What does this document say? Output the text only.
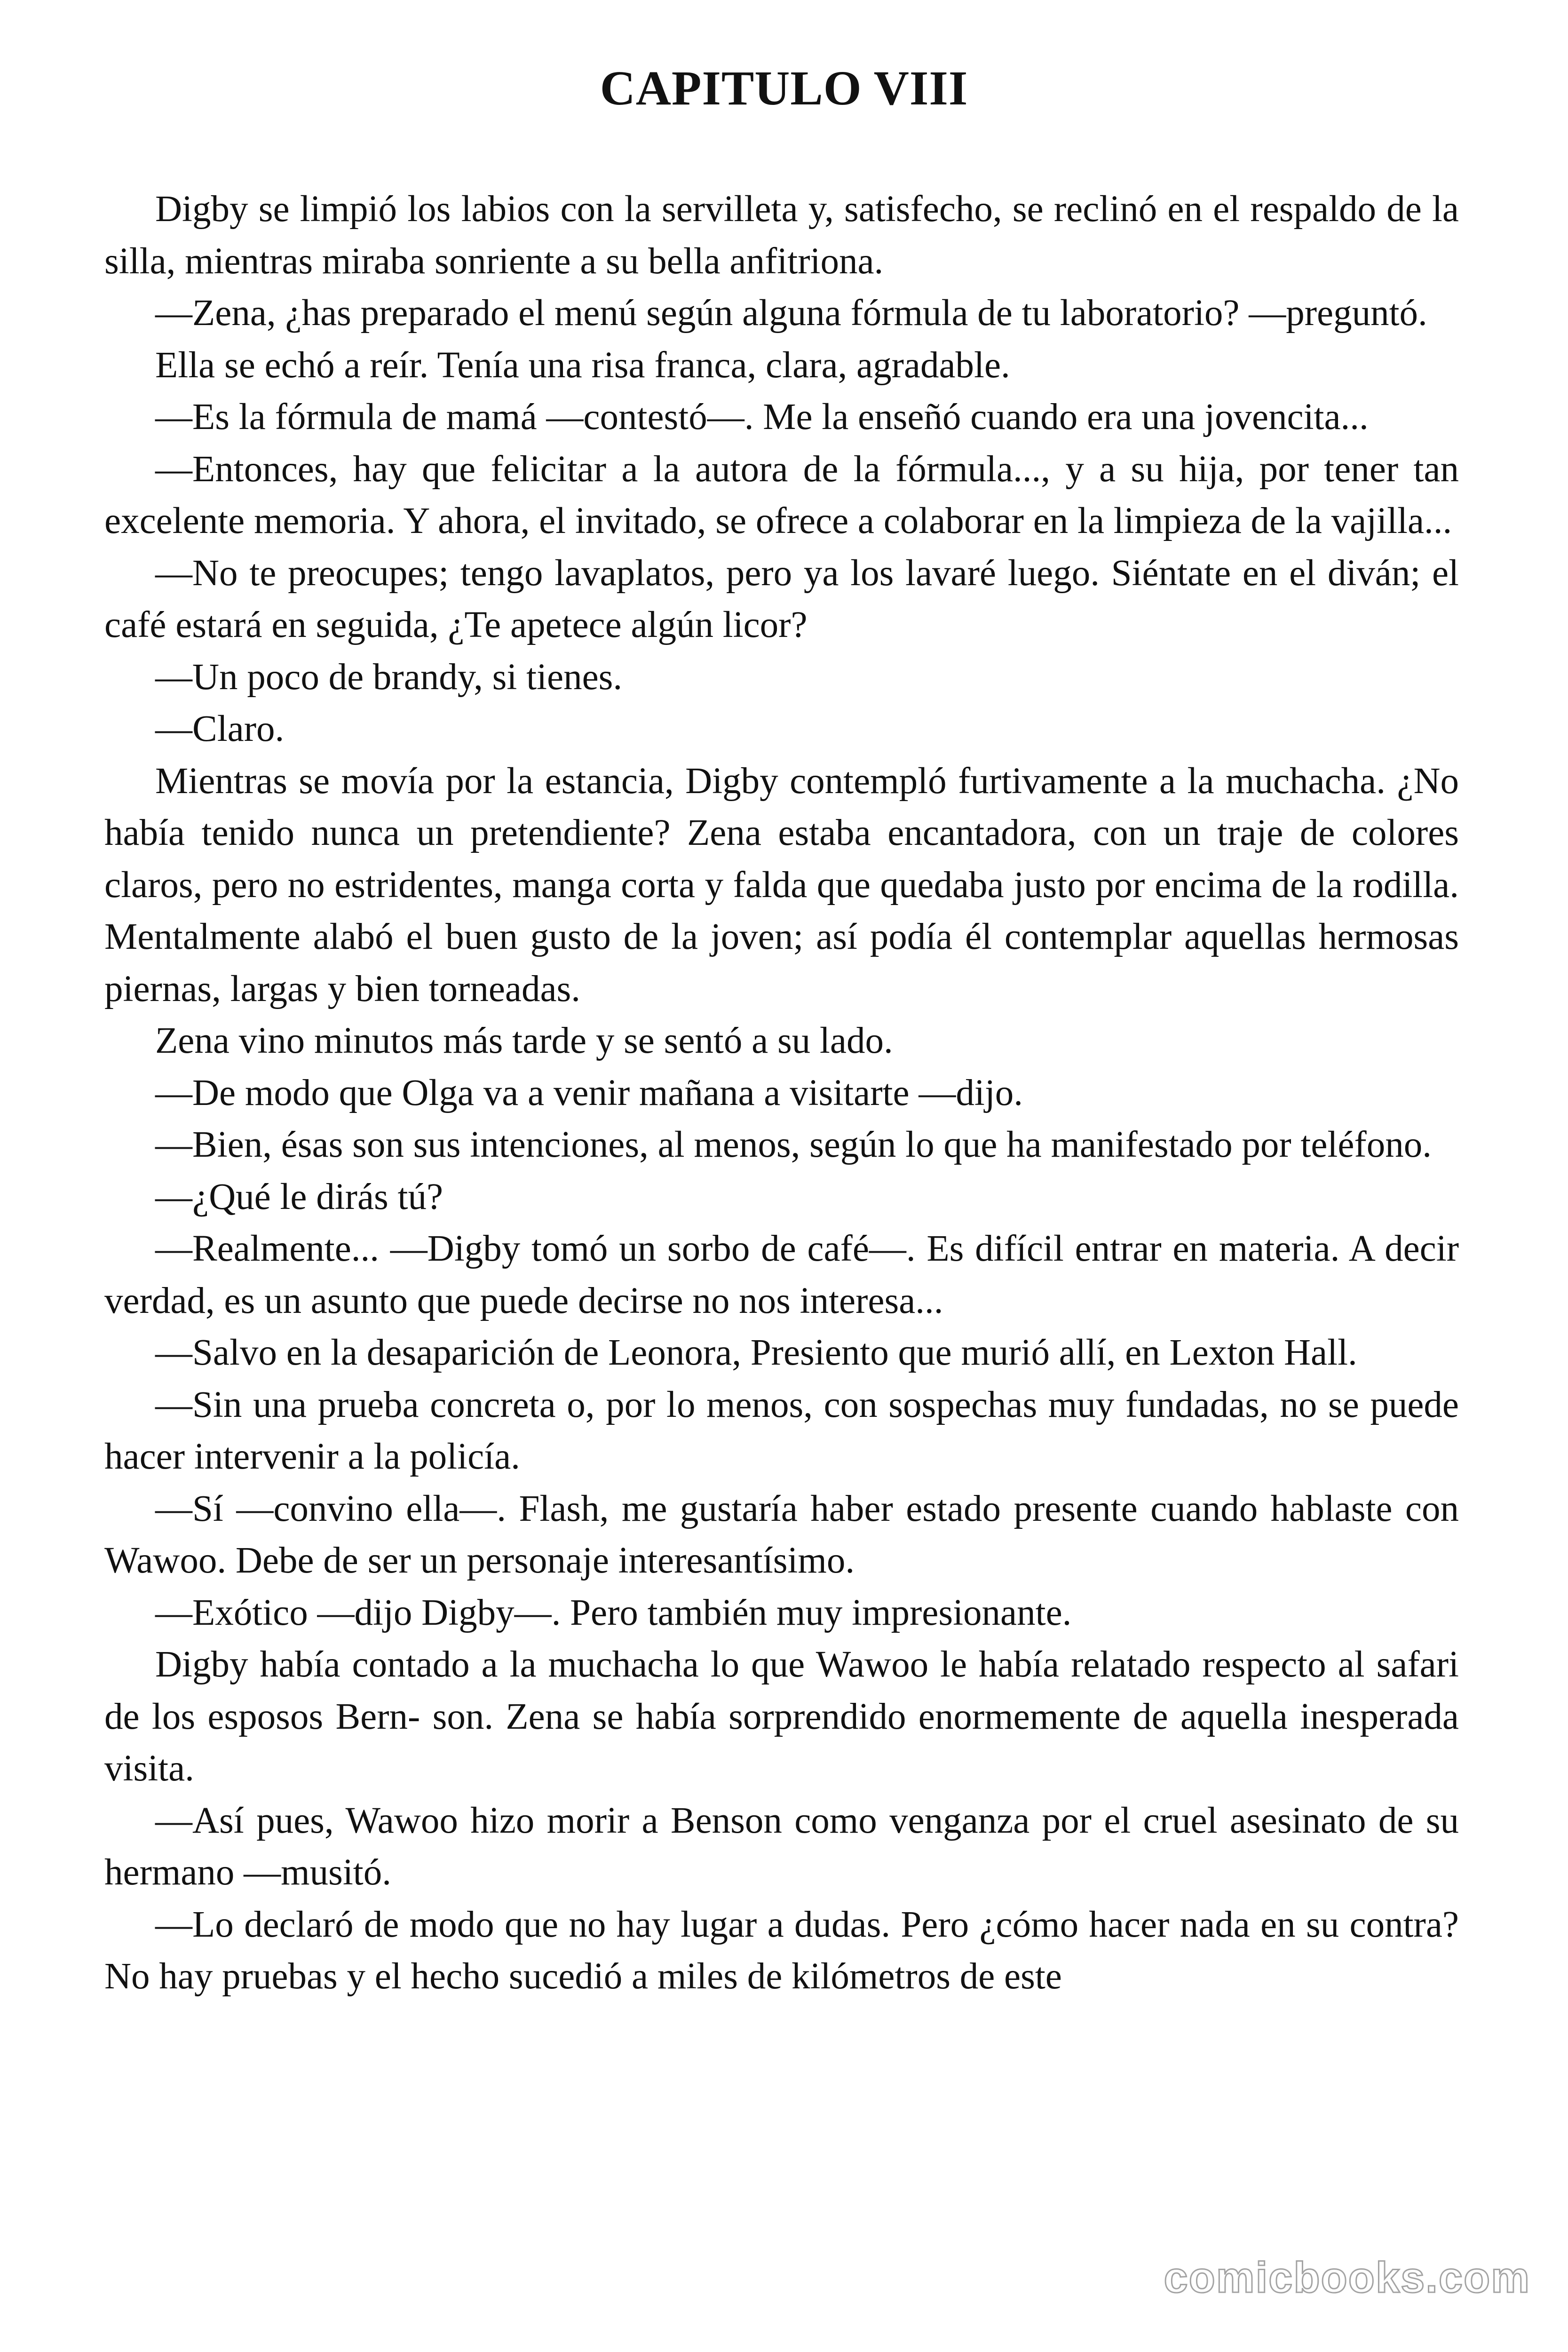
CAPITULO VIII

Digby se limpió los labios con la servilleta y, satisfecho, se reclinó en el respaldo de la silla, mientras miraba sonriente a su bella anfitriona.

—Zena, ¿has preparado el menú según alguna fórmula de tu laboratorio? —preguntó.

Ella se echó a reír. Tenía una risa franca, clara, agradable.

—Es la fórmula de mamá —contestó—. Me la enseñó cuando era una jovencita...

—Entonces, hay que felicitar a la autora de la fórmula..., y a su hija, por tener tan excelente memoria. Y ahora, el invitado, se ofrece a colaborar en la limpieza de la vajilla...

—No te preocupes; tengo lavaplatos, pero ya los lavaré luego. Siéntate en el diván; el café estará en seguida, ¿Te apetece algún licor?

—Un poco de brandy, si tienes.

—Claro.

Mientras se movía por la estancia, Digby contempló furtivamente a la muchacha. ¿No había tenido nunca un pretendiente? Zena estaba encantadora, con un traje de colores claros, pero no estridentes, manga corta y falda que quedaba justo por encima de la rodilla. Mentalmente alabó el buen gusto de la joven; así podía él contemplar aquellas hermosas piernas, largas y bien torneadas.

Zena vino minutos más tarde y se sentó a su lado.

—De modo que Olga va a venir mañana a visitarte —dijo.

—Bien, ésas son sus intenciones, al menos, según lo que ha manifestado por teléfono.

—¿Qué le dirás tú?

—Realmente... —Digby tomó un sorbo de café—. Es difícil entrar en materia. A decir verdad, es un asunto que puede decirse no nos interesa...

—Salvo en la desaparición de Leonora, Presiento que murió allí, en Lexton Hall.

—Sin una prueba concreta o, por lo menos, con sospechas muy fundadas, no se puede hacer intervenir a la policía.

—Sí —convino ella—. Flash, me gustaría haber estado presente cuando hablaste con Wawoo. Debe de ser un personaje interesantísimo.

—Exótico —dijo Digby—. Pero también muy impresionante.

Digby había contado a la muchacha lo que Wawoo le había relatado respecto al safari de los esposos Bern- son. Zena se había sorprendido enormemente de aquella inesperada visita.

—Así pues, Wawoo hizo morir a Benson como venganza por el cruel asesinato de su hermano —musitó.

—Lo declaró de modo que no hay lugar a dudas. Pero ¿cómo hacer nada en su contra? No hay pruebas y el hecho sucedió a miles de kilómetros de este

comicbooks.com
